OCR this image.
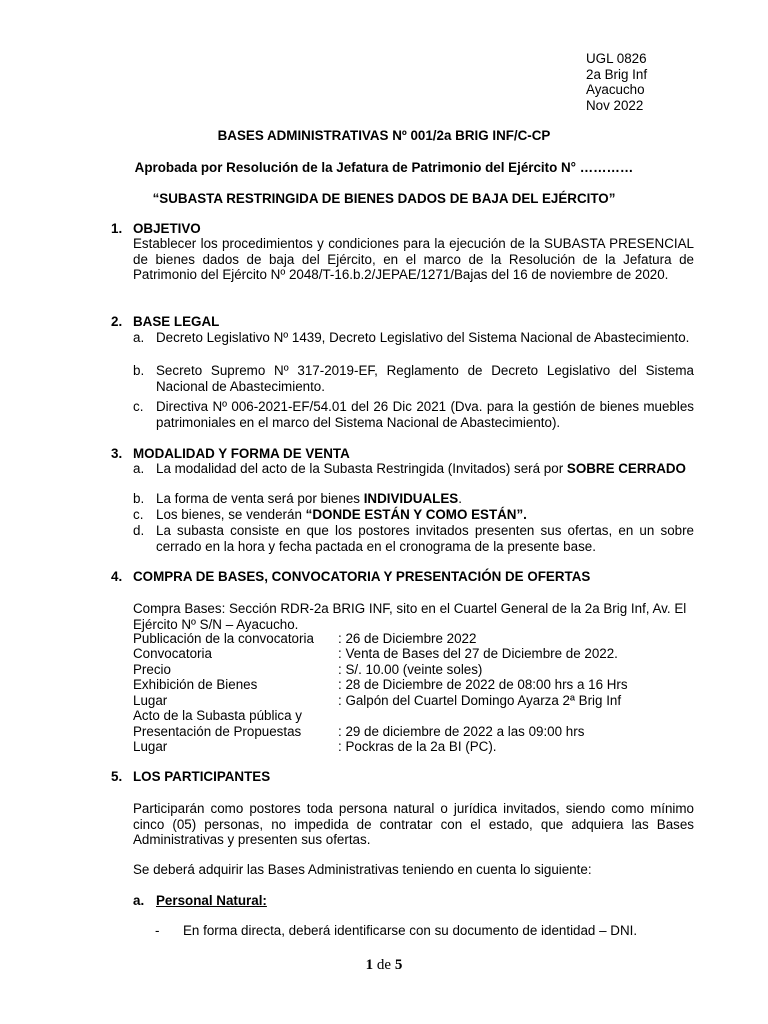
UGL 0826
2a Brig Inf
Ayacucho
Nov 2022
BASES ADMINISTRATIVAS Nº 001/2a BRIG INF/C-CP
Aprobada por Resolución de la Jefatura de Patrimonio del Ejército N° …………
“SUBASTA RESTRINGIDA DE BIENES DADOS DE BAJA DEL EJÉRCITO”
1. OBJETIVO
Establecer los procedimientos y condiciones para la ejecución de la SUBASTA PRESENCIAL de bienes dados de baja del Ejército, en el marco de la Resolución de la Jefatura de Patrimonio del Ejército Nº 2048/T-16.b.2/JEPAE/1271/Bajas del 16 de noviembre de 2020.
2. BASE LEGAL
a. Decreto Legislativo Nº 1439, Decreto Legislativo del Sistema Nacional de Abastecimiento.
b. Secreto Supremo Nº 317-2019-EF, Reglamento de Decreto Legislativo del Sistema Nacional de Abastecimiento.
c. Directiva Nº 006-2021-EF/54.01 del 26 Dic 2021 (Dva. para la gestión de bienes muebles patrimoniales en el marco del Sistema Nacional de Abastecimiento).
3. MODALIDAD Y FORMA DE VENTA
a. La modalidad del acto de la Subasta Restringida (Invitados) será por SOBRE CERRADO
b. La forma de venta será por bienes INDIVIDUALES.
c. Los bienes, se venderán “DONDE ESTÁN Y COMO ESTÁN”.
d. La subasta consiste en que los postores invitados presenten sus ofertas, en un sobre cerrado en la hora y fecha pactada en el cronograma de la presente base.
4. COMPRA DE BASES, CONVOCATORIA Y PRESENTACIÓN DE OFERTAS
Compra Bases: Sección RDR-2a BRIG INF, sito en el Cuartel General de la 2a Brig Inf, Av. El Ejército Nº S/N – Ayacucho.
Publicación de la convocatoria : 26 de Diciembre 2022
Convocatoria	: Venta de Bases del 27 de Diciembre de 2022.
Precio	: S/. 10.00 (veinte soles)
Exhibición de Bienes	: 28 de Diciembre de 2022 de 08:00 hrs a 16 Hrs
Lugar	: Galpón del Cuartel Domingo Ayarza 2ª Brig Inf
Acto de la Subasta pública y
Presentación de Propuestas	: 29 de diciembre de 2022 a las 09:00 hrs
Lugar	: Pockras de la 2a BI (PC).
5. LOS PARTICIPANTES
Participarán como postores toda persona natural o jurídica invitados, siendo como mínimo cinco (05) personas, no impedida de contratar con el estado, que adquiera las Bases Administrativas y presenten sus ofertas.
Se deberá adquirir las Bases Administrativas teniendo en cuenta lo siguiente:
a. Personal Natural:
- En forma directa, deberá identificarse con su documento de identidad – DNI.
1 de 5
